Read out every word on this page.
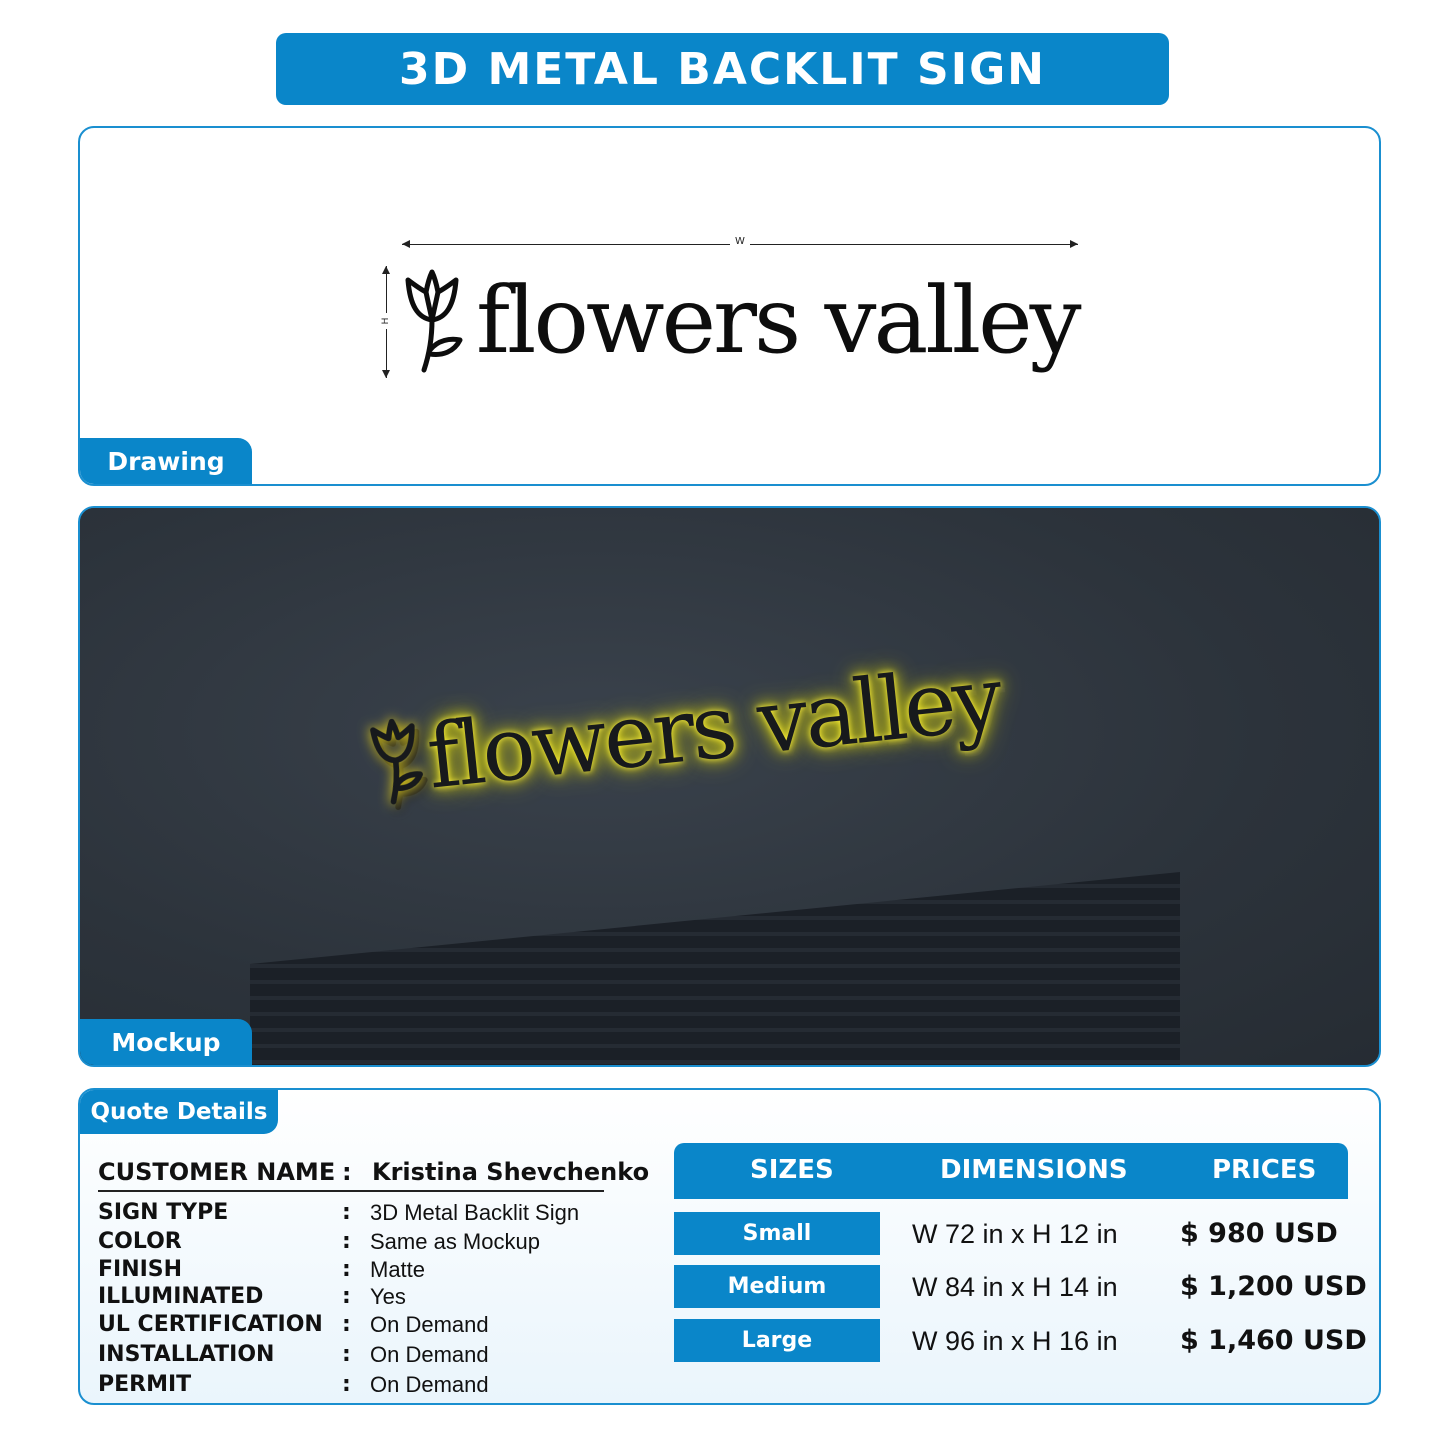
3D METAL BACKLIT SIGN
W
H flowers valley
Drawing
flowers valley
Mockup
Quote Details
CUSTOMER NAME : Kristina Shevchenko
SIGN TYPE	: 3D Metal Backlit Sign
COLOR	: Same as Mockup
FINISH	: Matte
ILLUMINATED	: Yes
UL CERTIFICATION : On Demand
INSTALLATION	: On Demand
PERMIT	: On Demand
SIZES	DIMENSIONS	PRICES
Small	W 72 in x H 12 in $ 980 USD
Medium	W 84 in x H 14 in $ 1,200 USD
Large	W 96 in x H 16 in $ 1,460 USD
